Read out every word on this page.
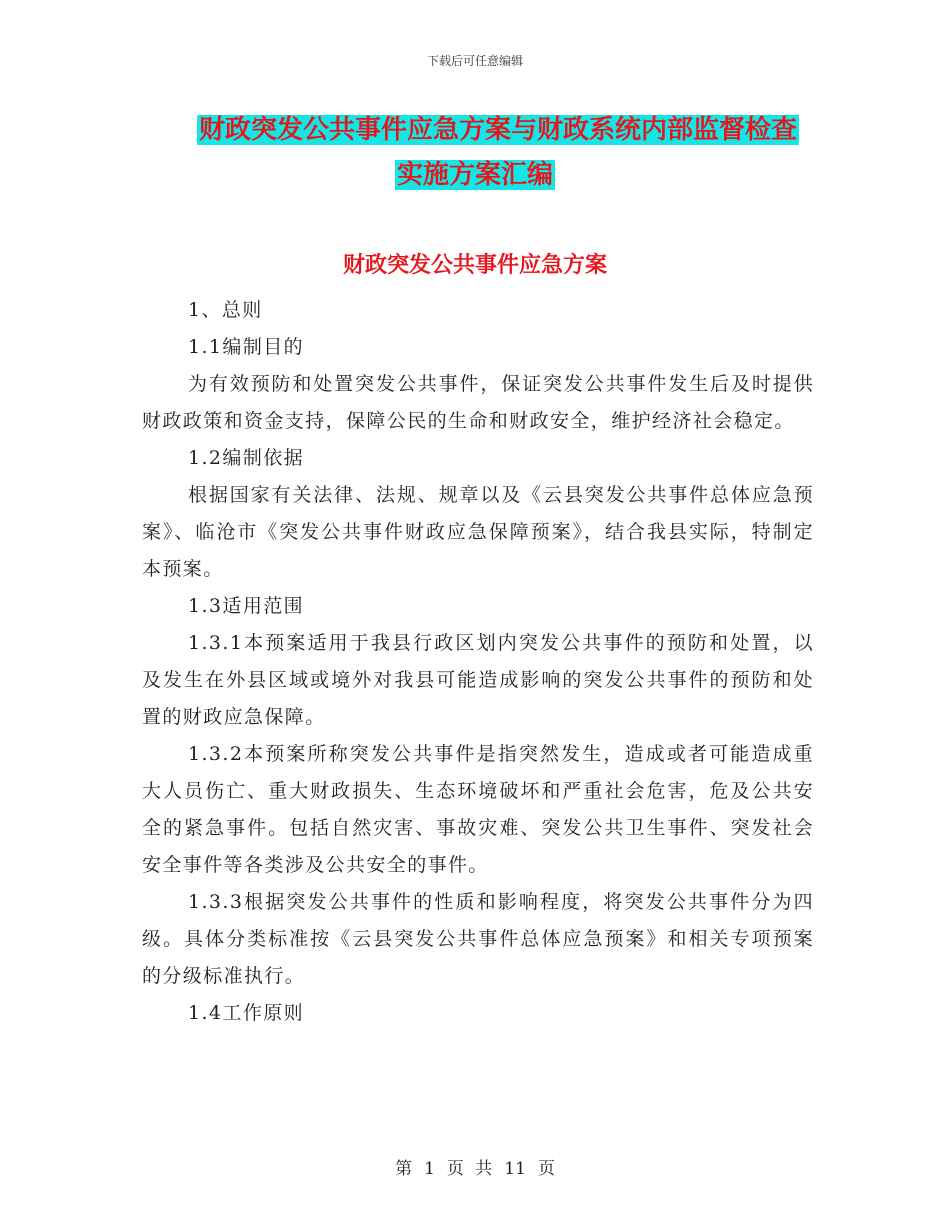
下载后可任意编辑
财政突发公共事件应急方案与财政系统内部监督检查
实施方案汇编
财政突发公共事件应急方案

1、总则

1.1编制目的

为有效预防和处置突发公共事件，保证突发公共事件发生后及时提供财政政策和资金支持，保障公民的生命和财政安全，维护经济社会稳定。

1.2编制依据

根据国家有关法律、法规、规章以及《云县突发公共事件总体应急预案》、临沧市《突发公共事件财政应急保障预案》，结合我县实际，特制定本预案。

1.3适用范围

1.3.1本预案适用于我县行政区划内突发公共事件的预防和处置，以及发生在外县区域或境外对我县可能造成影响的突发公共事件的预防和处置的财政应急保障。

1.3.2本预案所称突发公共事件是指突然发生，造成或者可能造成重大人员伤亡、重大财政损失、生态环境破坏和严重社会危害，危及公共安全的紧急事件。包括自然灾害、事故灾难、突发公共卫生事件、突发社会安全事件等各类涉及公共安全的事件。

1.3.3根据突发公共事件的性质和影响程度，将突发公共事件分为四级。具体分类标准按《云县突发公共事件总体应急预案》和相关专项预案的分级标准执行。

1.4工作原则

第 1 页 共 11 页
